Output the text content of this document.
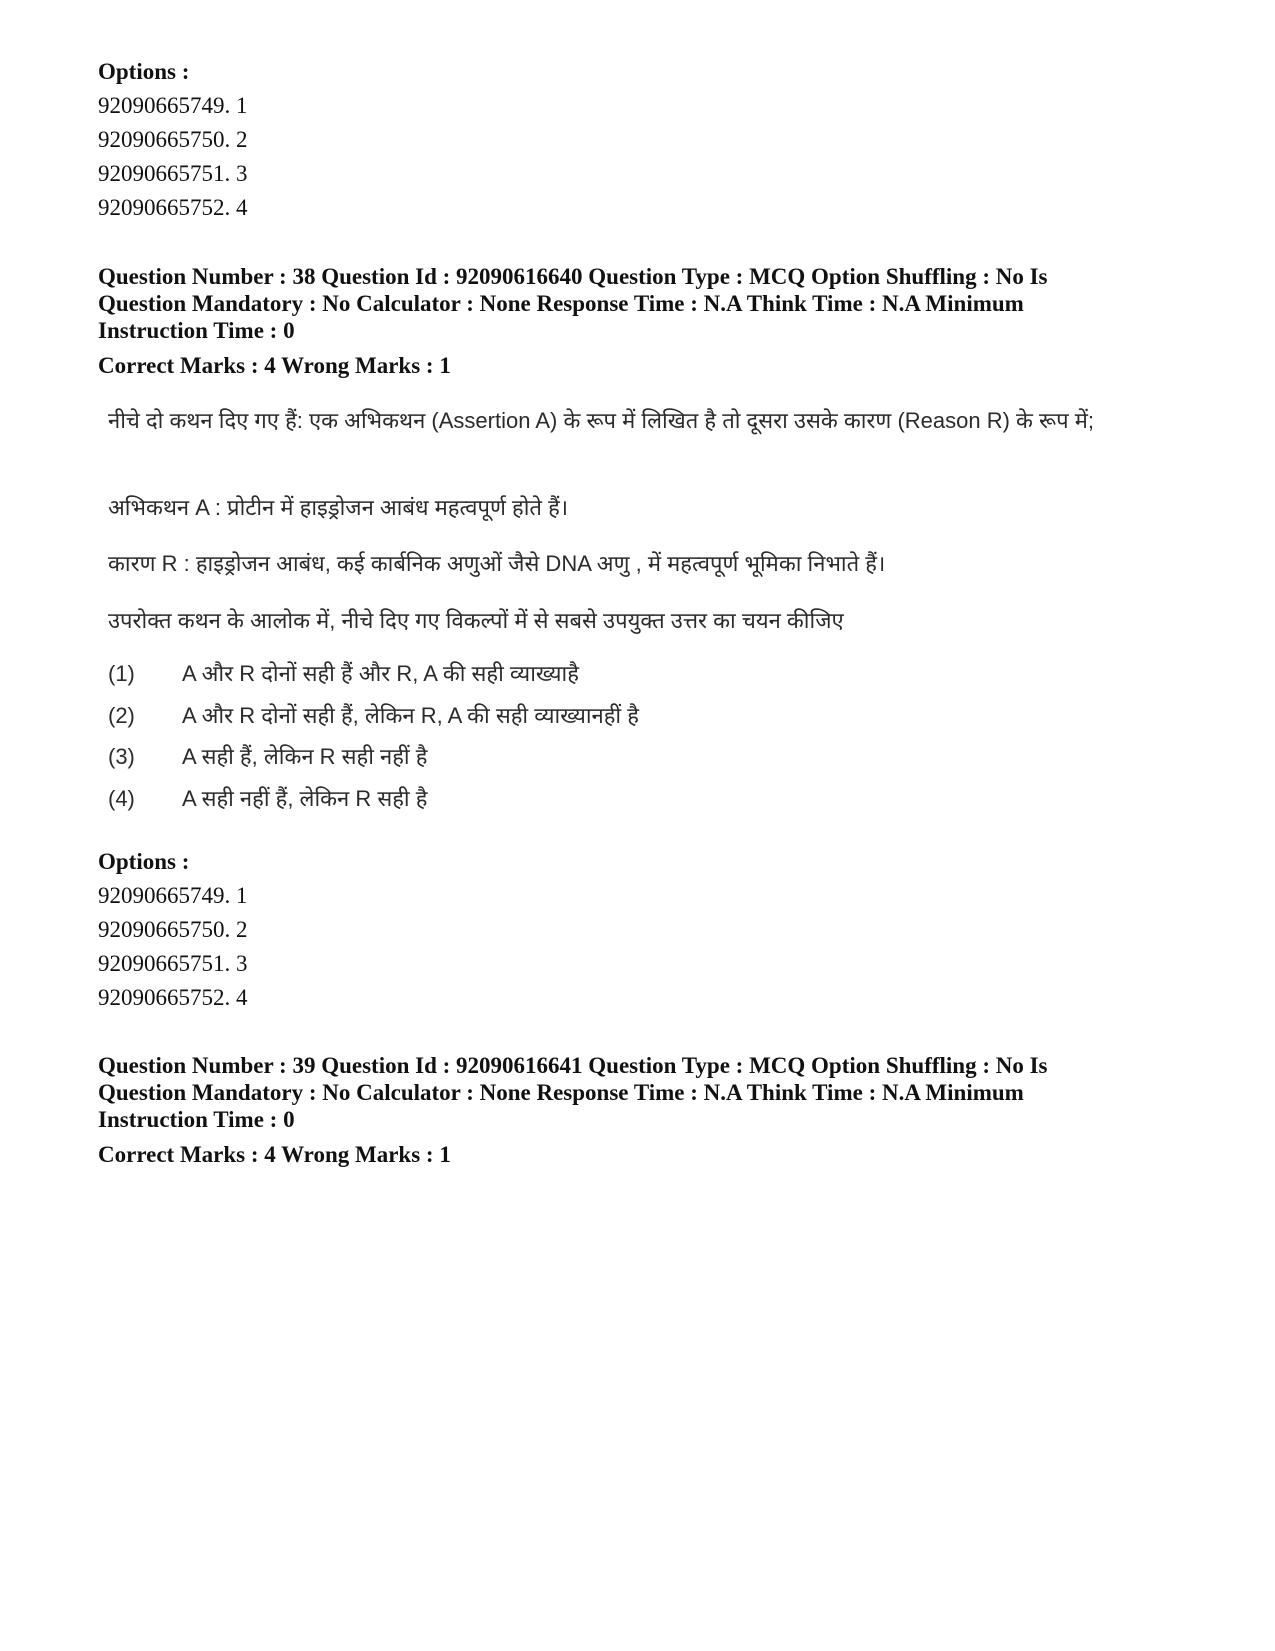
Options :

92090665749. 1

92090665750. 2

92090665751. 3

92090665752. 4

Question Number : 38 Question Id : 92090616640 Question Type : MCQ Option Shuffling : No Is Question Mandatory : No Calculator : None Response Time : N.A Think Time : N.A Minimum Instruction Time : 0

Correct Marks : 4 Wrong Marks : 1

नीचे दो कथन दिए गए हैं: एक अभिकथन (Assertion A) के रूप में लिखित है तो दूसरा उसके कारण (Reason R) के रूप में;

अभिकथन A : प्रोटीन में हाइड्रोजन आबंध महत्वपूर्ण होते हैं।

कारण R : हाइड्रोजन आबंध, कई कार्बनिक अणुओं जैसे DNA अणु , में महत्वपूर्ण भूमिका निभाते हैं।

उपरोक्त कथन के आलोक में, नीचे दिए गए विकल्पों में से सबसे उपयुक्त उत्तर का चयन कीजिए

(1) A और R दोनों सही हैं और R, A की सही व्याख्याहै
(2) A और R दोनों सही हैं, लेकिन R, A की सही व्याख्यानहीं है
(3) A सही हैं, लेकिन R सही नहीं है
(4) A सही नहीं हैं, लेकिन R सही है

Options :

92090665749. 1

92090665750. 2

92090665751. 3

92090665752. 4

Question Number : 39 Question Id : 92090616641 Question Type : MCQ Option Shuffling : No Is Question Mandatory : No Calculator : None Response Time : N.A Think Time : N.A Minimum Instruction Time : 0

Correct Marks : 4 Wrong Marks : 1
